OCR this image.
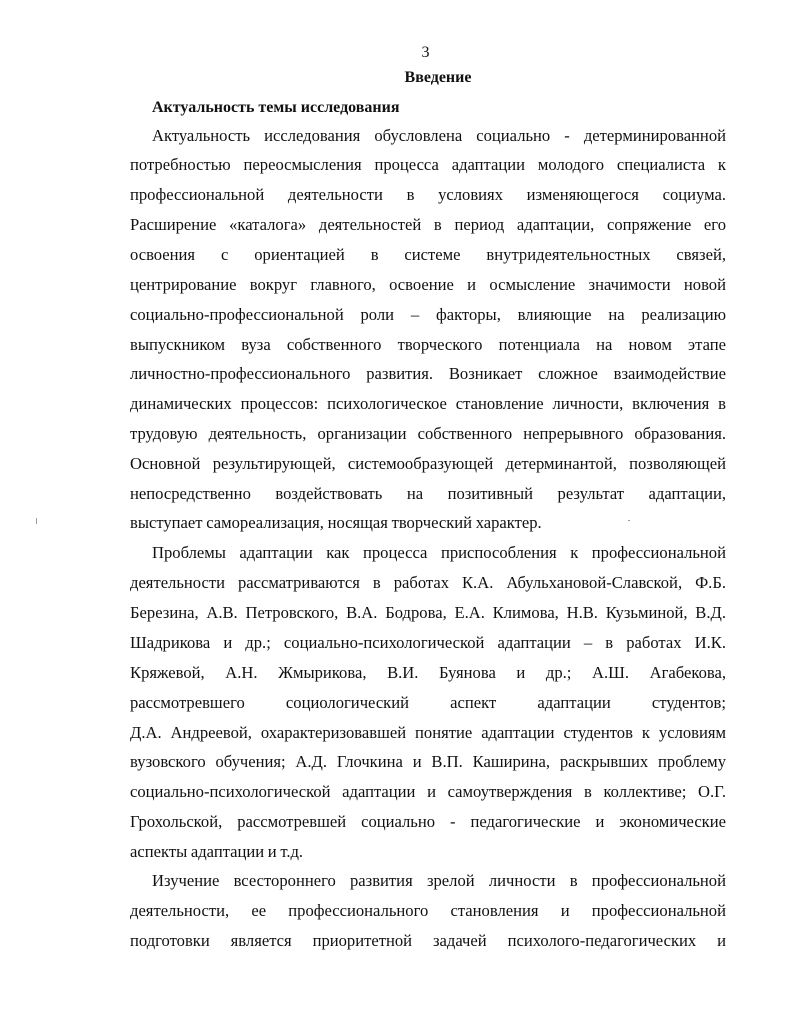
3
Введение
Актуальность темы исследования
Актуальность исследования обусловлена социально - детерминированной
потребностью переосмысления процесса адаптации молодого специалиста к
профессиональной деятельности в условиях изменяющегося социума.
Расширение «каталога» деятельностей в период адаптации, сопряжение его
освоения с ориентацией в системе внутридеятельностных связей,
центрирование вокруг главного, освоение и осмысление значимости новой
социально-профессиональной роли – факторы, влияющие на реализацию
выпускником вуза собственного творческого потенциала на новом этапе
личностно-профессионального развития. Возникает сложное взаимодействие
динамических процессов: психологическое становление личности, включения в
трудовую деятельность, организации собственного непрерывного образования.
Основной результирующей, системообразующей детерминантой, позволяющей
непосредственно воздействовать на позитивный результат адаптации,
выступает самореализация, носящая творческий характер.
Проблемы адаптации как процесса приспособления к профессиональной
деятельности рассматриваются в работах К.А. Абульхановой-Славской, Ф.Б.
Березина, А.В. Петровского, В.А. Бодрова, Е.А. Климова, Н.В. Кузьминой, В.Д.
Шадрикова и др.; социально-психологической адаптации – в работах И.К.
Кряжевой, А.Н. Жмырикова, В.И. Буянова и др.; А.Ш. Агабекова,
рассмотревшего социологический аспект адаптации студентов;
Д.А. Андреевой, охарактеризовавшей понятие адаптации студентов к условиям
вузовского обучения; А.Д. Глочкина и В.П. Каширина, раскрывших проблему
социально-психологической адаптации и самоутверждения в коллективе; О.Г.
Грохольской, рассмотревшей социально - педагогические и экономические
аспекты адаптации и т.д.
Изучение всестороннего развития зрелой личности в профессиональной
деятельности, ее профессионального становления и профессиональной
подготовки является приоритетной задачей психолого-педагогических и
